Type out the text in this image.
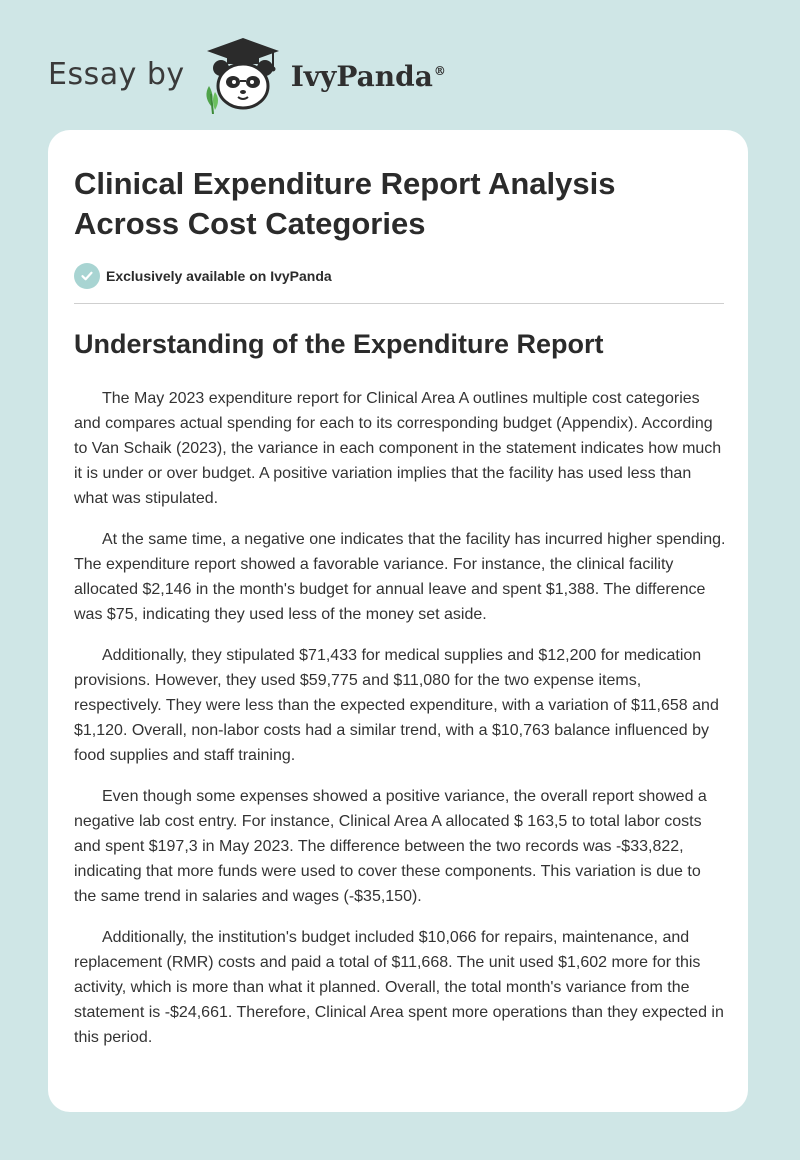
Essay by	IvyPanda®
Clinical Expenditure Report Analysis Across Cost Categories
Exclusively available on IvyPanda
Understanding of the Expenditure Report

The May 2023 expenditure report for Clinical Area A outlines multiple cost categories and compares actual spending for each to its corresponding budget (Appendix). According to Van Schaik (2023), the variance in each component in the statement indicates how much it is under or over budget. A positive variation implies that the facility has used less than what was stipulated.

At the same time, a negative one indicates that the facility has incurred higher spending. The expenditure report showed a favorable variance. For instance, the clinical facility allocated $2,146 in the month's budget for annual leave and spent $1,388. The difference was $75, indicating they used less of the money set aside.

Additionally, they stipulated $71,433 for medical supplies and $12,200 for medication provisions. However, they used $59,775 and $11,080 for the two expense items, respectively. They were less than the expected expenditure, with a variation of $11,658 and $1,120. Overall, non-labor costs had a similar trend, with a $10,763 balance influenced by food supplies and staff training.

Even though some expenses showed a positive variance, the overall report showed a negative lab cost entry. For instance, Clinical Area A allocated $ 163,5 to total labor costs and spent $197,3 in May 2023. The difference between the two records was -$33,822, indicating that more funds were used to cover these components. This variation is due to the same trend in salaries and wages (-$35,150).

Additionally, the institution's budget included $10,066 for repairs, maintenance, and replacement (RMR) costs and paid a total of $11,668. The unit used $1,602 more for this activity, which is more than what it planned. Overall, the total month's variance from the statement is -$24,661. Therefore, Clinical Area spent more operations than they expected in this period.
